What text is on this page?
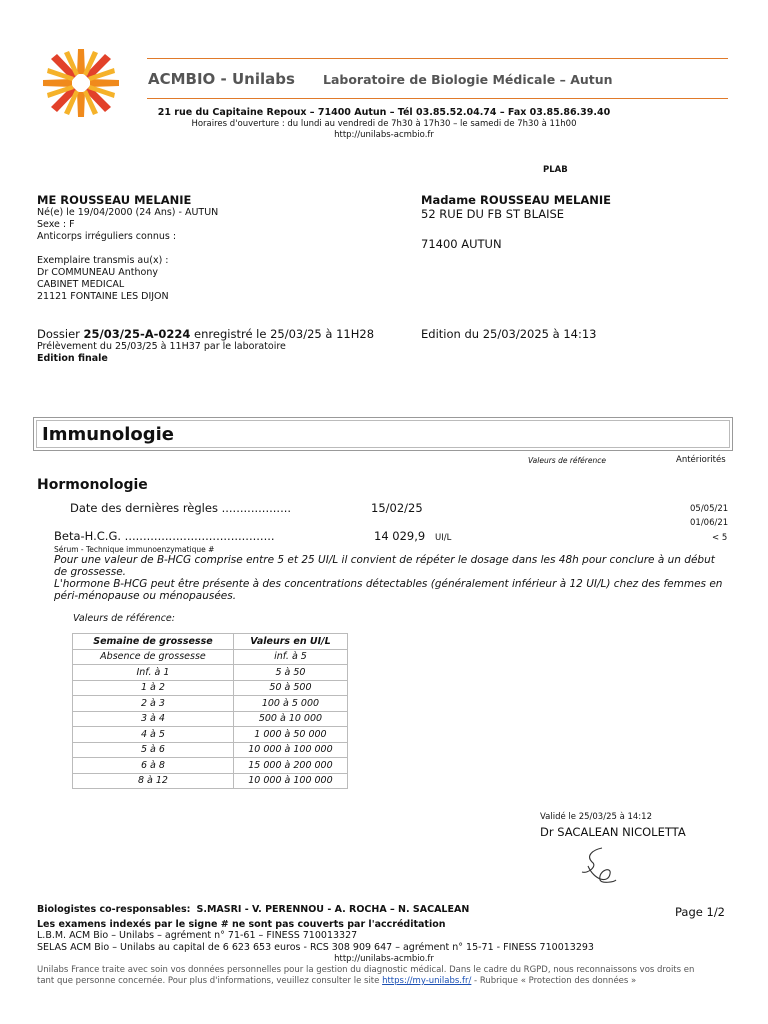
ACMBIO - Unilabs Laboratoire de Biologie Médicale – Autun
21 rue du Capitaine Repoux – 71400 Autun – Tél 03.85.52.04.74 – Fax 03.85.86.39.40
Horaires d'ouverture : du lundi au vendredi de 7h30 à 17h30 – le samedi de 7h30 à 11h00
http://unilabs-acmbio.fr
PLAB
ME ROUSSEAU MELANIE
Né(e) le 19/04/2000 (24 Ans) - AUTUN
Sexe : F
Anticorps irréguliers connus :
Exemplaire transmis au(x) :
Dr COMMUNEAU Anthony
CABINET MEDICAL
21121 FONTAINE LES DIJON
Madame ROUSSEAU MELANIE
52 RUE DU FB ST BLAISE
71400 AUTUN
Dossier 25/03/25-A-0224 enregistré le 25/03/25 à 11H28
Prélèvement du 25/03/25 à 11H37 par le laboratoire
Edition finale
Edition du 25/03/2025 à 14:13
Immunologie
Valeurs de référence	Antériorités
Hormonologie
Date des dernières règles ...................	15/02/25	05/05/21
01/06/21
Beta-H.C.G. .........................................	14 029,9 UI/L	< 5
Sérum - Technique immunoenzymatique #
Pour une valeur de B-HCG comprise entre 5 et 25 UI/L il convient de répéter le dosage dans les 48h pour conclure à un début
de grossesse.
L'hormone B-HCG peut être présente à des concentrations détectables (généralement inférieur à 12 UI/L) chez des femmes en
péri-ménopause ou ménopausées.
Valeurs de référence:
Semaine de grossesse	Valeurs en UI/L
Absence de grossesse	inf. à 5
Inf. à 1	5 à 50
1 à 2	50 à 500
2 à 3	100 à 5 000
3 à 4	500 à 10 000
4 à 5	1 000 à 50 000
5 à 6	10 000 à 100 000
6 à 8	15 000 à 200 000
8 à 12	10 000 à 100 000
Validé le 25/03/25 à 14:12
Dr SACALEAN NICOLETTA
Biologistes co-responsables: S.MASRI - V. PERENNOU - A. ROCHA – N. SACALEAN	Page 1/2
Les examens indexés par le signe # ne sont pas couverts par l'accréditation
L.B.M. ACM Bio – Unilabs – agrément n° 71-61 – FINESS 710013327
SELAS ACM Bio – Unilabs au capital de 6 623 653 euros - RCS 308 909 647 – agrément n° 15-71 - FINESS 710013293
http://unilabs-acmbio.fr
Unilabs France traite avec soin vos données personnelles pour la gestion du diagnostic médical. Dans le cadre du RGPD, nous reconnaissons vos droits en
tant que personne concernée. Pour plus d'informations, veuillez consulter le site https://my-unilabs.fr/ - Rubrique « Protection des données »
